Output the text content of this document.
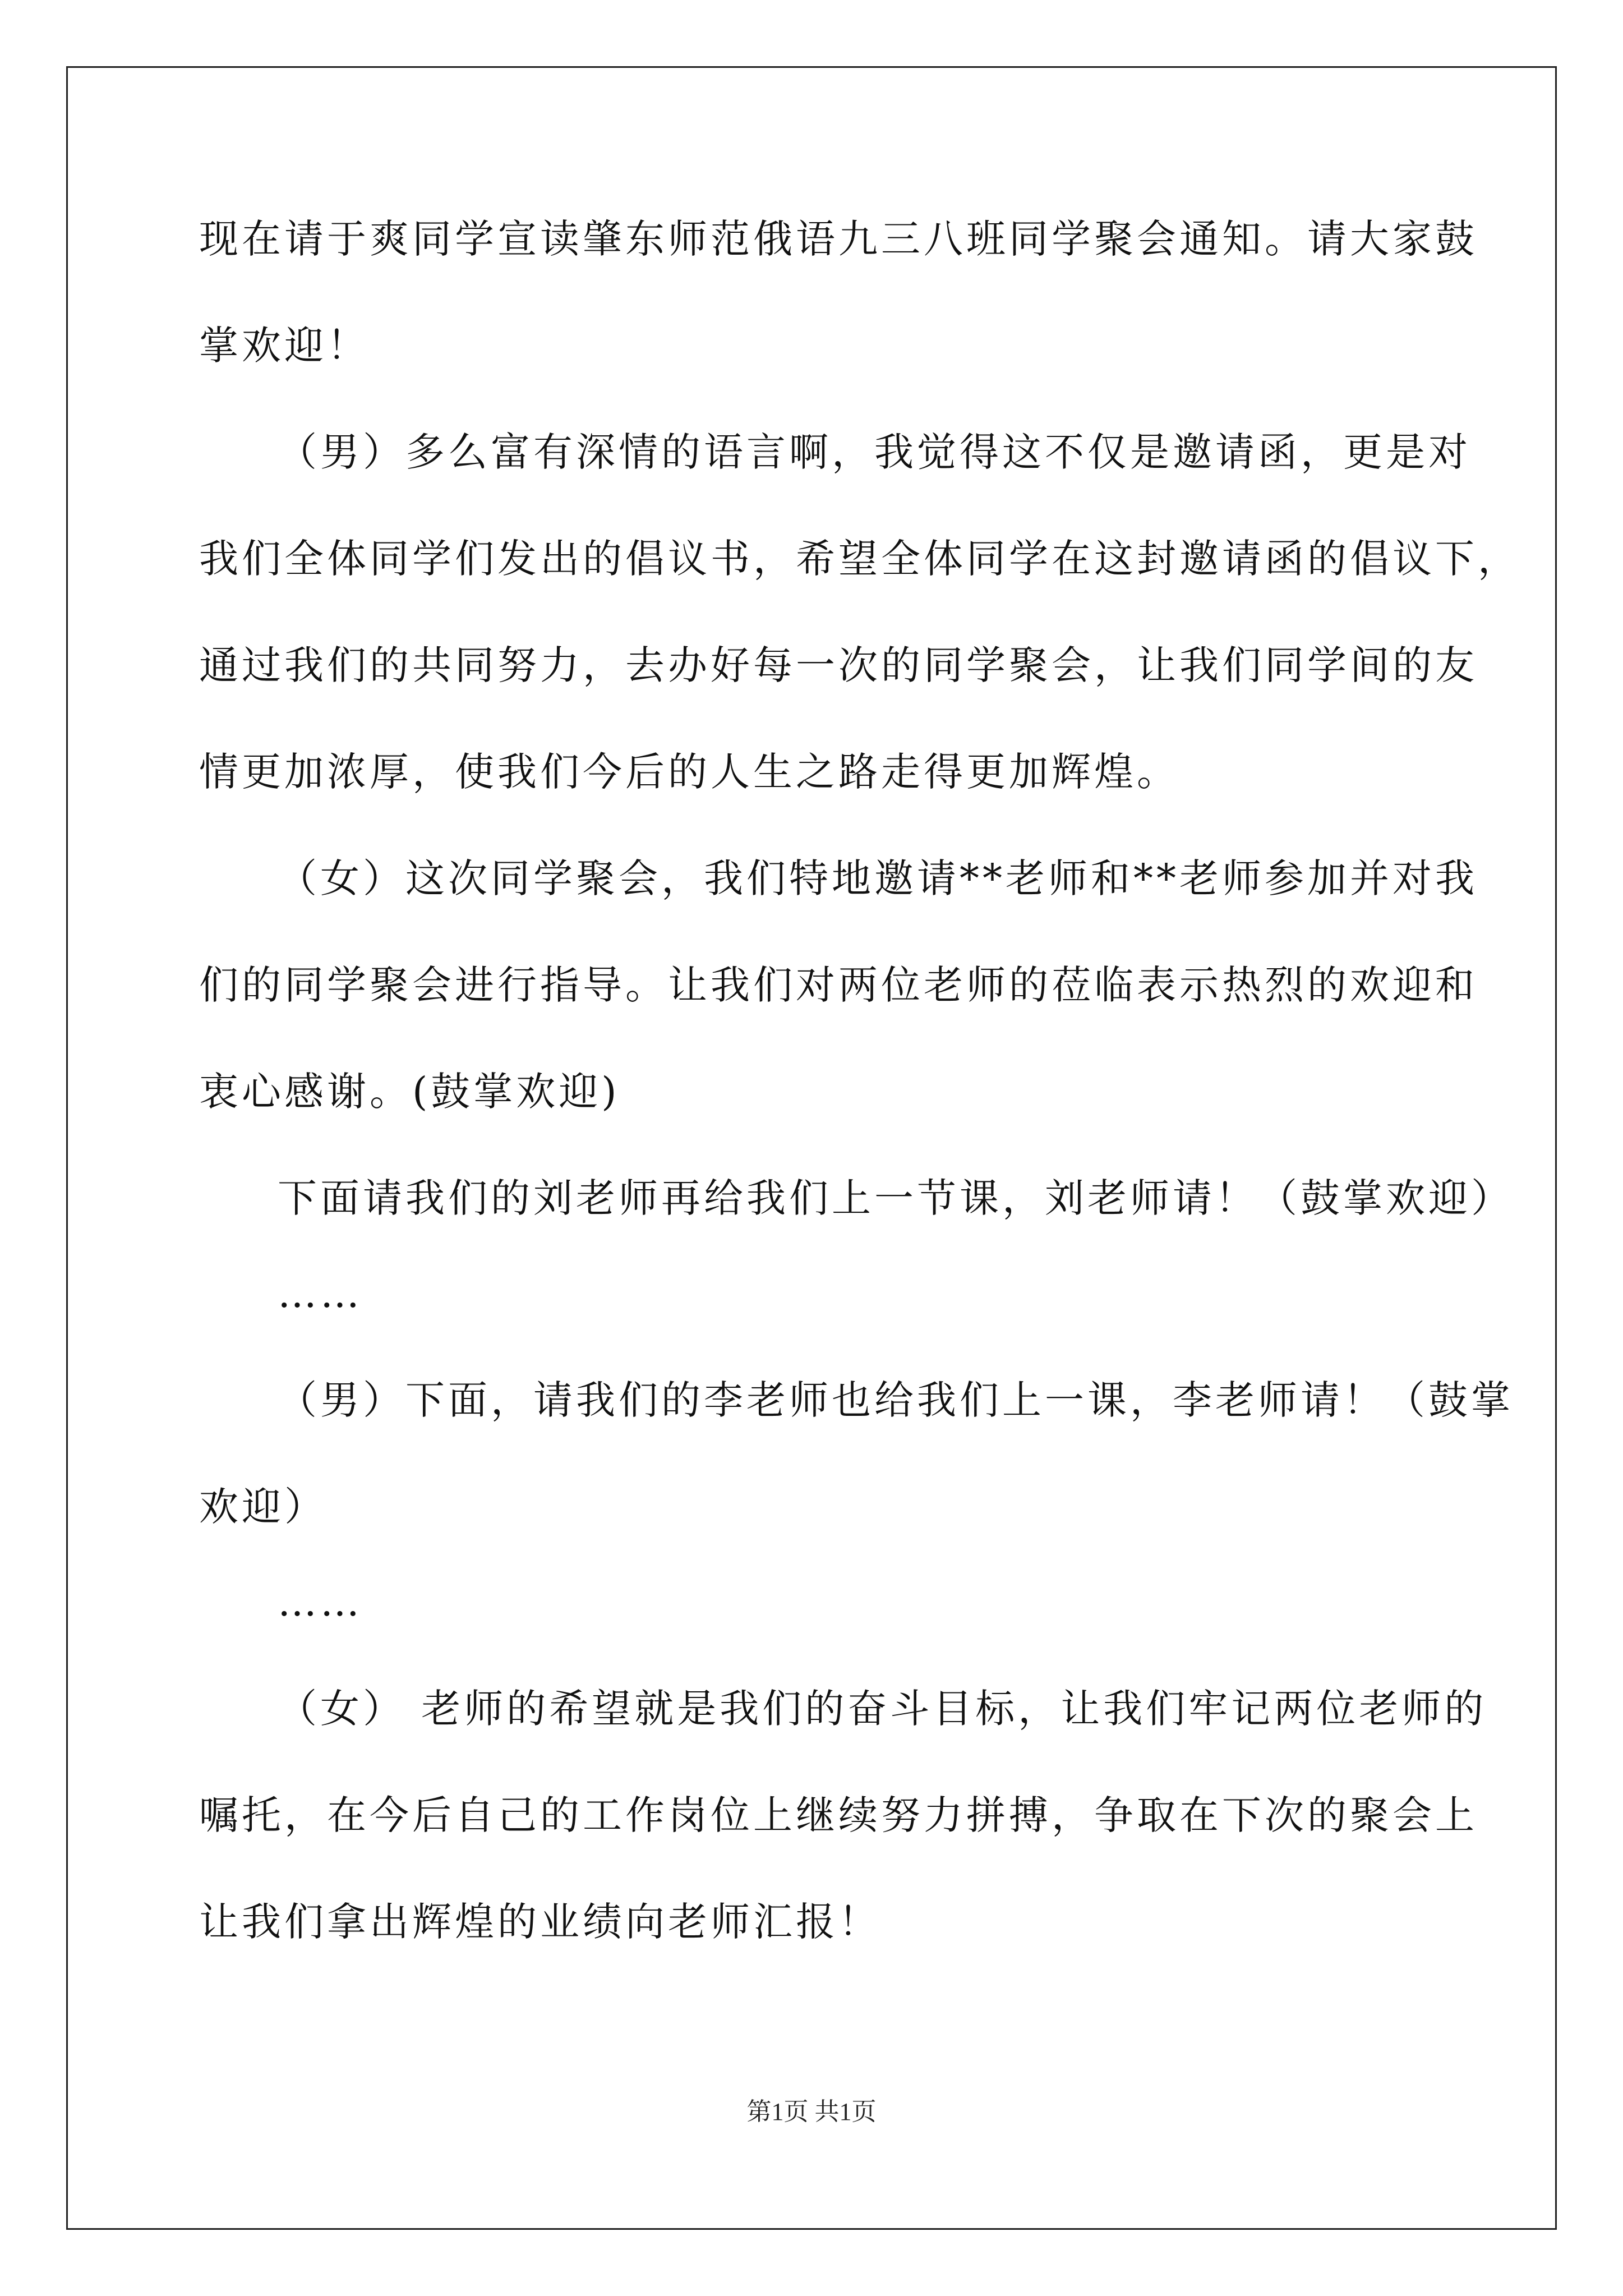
现在请于爽同学宣读肇东师范俄语九三八班同学聚会通知。请大家鼓
掌欢迎！
（男）多么富有深情的语言啊，我觉得这不仅是邀请函，更是对
我们全体同学们发出的倡议书，希望全体同学在这封邀请函的倡议下，
通过我们的共同努力，去办好每一次的同学聚会，让我们同学间的友
情更加浓厚，使我们今后的人生之路走得更加辉煌。
（女）这次同学聚会，我们特地邀请**老师和**老师参加并对我
们的同学聚会进行指导。让我们对两位老师的莅临表示热烈的欢迎和
衷心感谢。(鼓掌欢迎)
下面请我们的刘老师再给我们上一节课，刘老师请！（鼓掌欢迎）
……
（男）下面，请我们的李老师也给我们上一课，李老师请！（鼓掌
欢迎）
……
（女） 老师的希望就是我们的奋斗目标，让我们牢记两位老师的
嘱托，在今后自己的工作岗位上继续努力拼搏，争取在下次的聚会上
让我们拿出辉煌的业绩向老师汇报！
第1页 共1页
